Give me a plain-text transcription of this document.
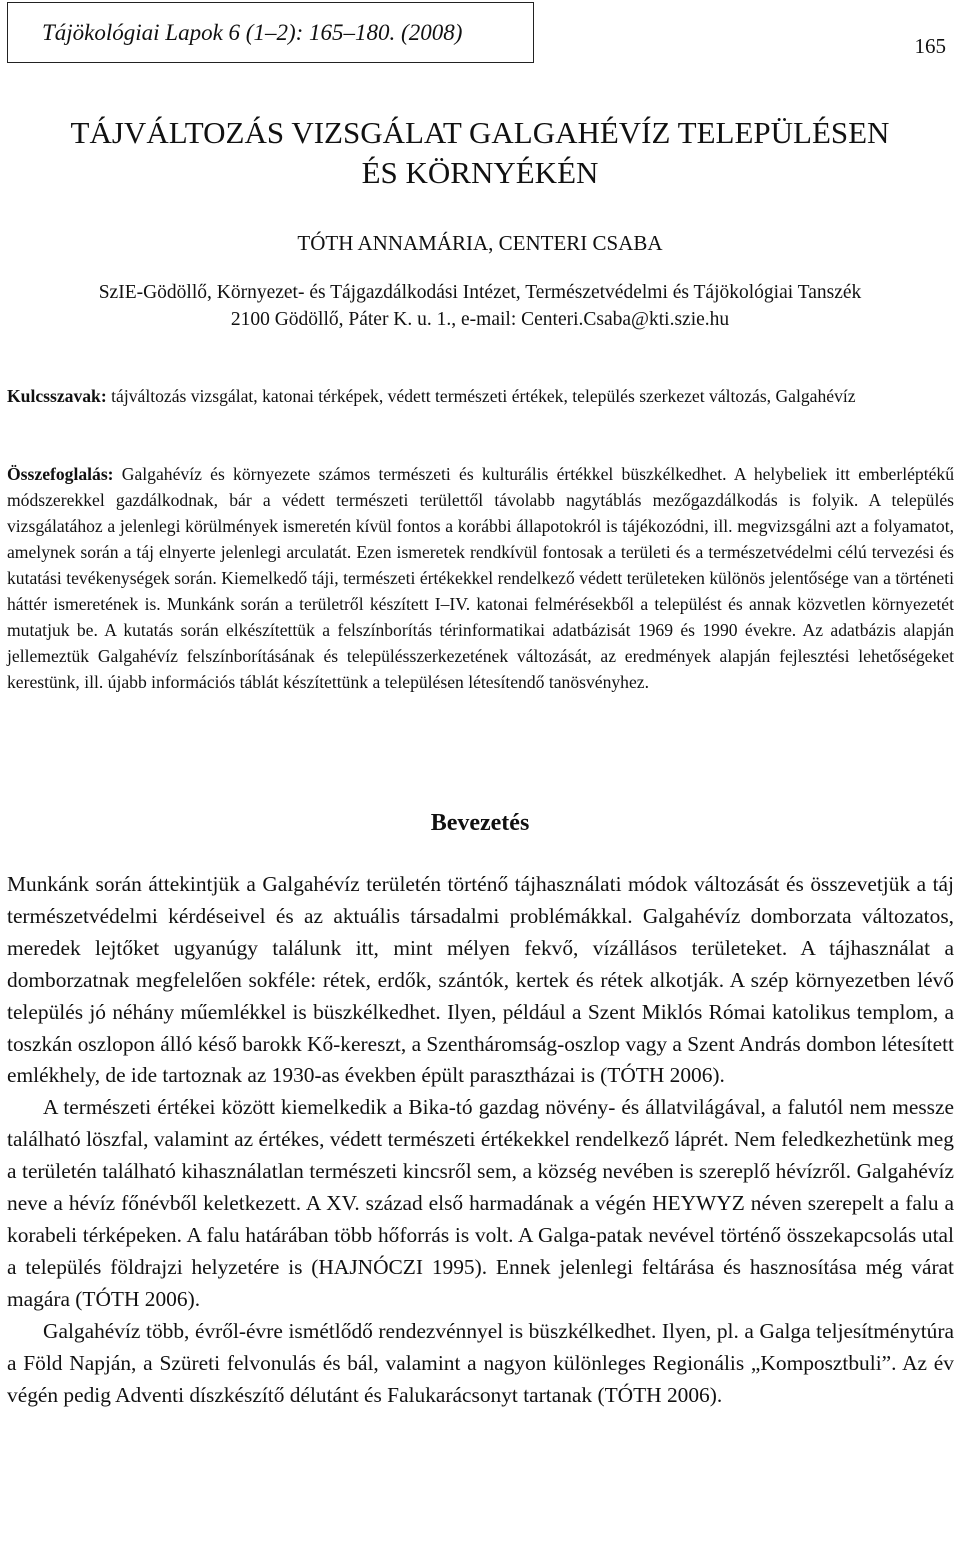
Tájökológiai Lapok 6 (1–2): 165–180. (2008)
165
TÁJVÁLTOZÁS VIZSGÁLAT GALGAHÉVÍZ TELEPÜLÉSEN
ÉS KÖRNYÉKÉN
TÓTH ANNAMÁRIA, CENTERI CSABA
SzIE-Gödöllő, Környezet- és Tájgazdálkodási Intézet, Természetvédelmi és Tájökológiai Tanszék
2100 Gödöllő, Páter K. u. 1., e-mail: Centeri.Csaba@kti.szie.hu
Kulcsszavak: tájváltozás vizsgálat, katonai térképek, védett természeti értékek, település szerkezet változás, Galgahévíz
Összefoglalás: Galgahévíz és környezete számos természeti és kulturális értékkel büszkélkedhet. A helybeliek itt emberléptékű módszerekkel gazdálkodnak, bár a védett természeti területtől távolabb nagytáblás mezőgazdálkodás is folyik. A település vizsgálatához a jelenlegi körülmények ismeretén kívül fontos a korábbi állapotokról is tájékozódni, ill. megvizsgálni azt a folyamatot, amelynek során a táj elnyerte jelenlegi arculatát. Ezen ismeretek rendkívül fontosak a területi és a természetvédelmi célú tervezési és kutatási tevékenységek során. Kiemelkedő táji, természeti értékekkel rendelkező védett területeken különös jelentősége van a történeti háttér ismeretének is. Munkánk során a területről készített I–IV. katonai felmérésekből a települést és annak közvetlen környezetét mutatjuk be. A kutatás során elkészítettük a felszínborítás térinformatikai adatbázisát 1969 és 1990 évekre. Az adatbázis alapján jellemeztük Galgahévíz felszínborításának és településszerkezetének változását, az eredmények alapján fejlesztési lehetőségeket kerestünk, ill. újabb információs táblát készítettünk a településen létesítendő tanösvényhez.
Bevezetés

Munkánk során áttekintjük a Galgahévíz területén történő tájhasználati módok változását és összevetjük a táj természetvédelmi kérdéseivel és az aktuális társadalmi problémákkal. Galgahévíz domborzata változatos, meredek lejtőket ugyanúgy találunk itt, mint mélyen fekvő, vízállásos területeket. A tájhasználat a domborzatnak megfelelően sokféle: rétek, erdők, szántók, kertek és rétek alkotják. A szép környezetben lévő település jó néhány műemlékkel is büszkélkedhet. Ilyen, például a Szent Miklós Római katolikus templom, a toszkán oszlopon álló késő barokk Kő-kereszt, a Szentháromság-oszlop vagy a Szent András dombon létesített emlékhely, de ide tartoznak az 1930-as években épült parasztházai is (TÓTH 2006).

A természeti értékei között kiemelkedik a Bika-tó gazdag növény- és állatvilágával, a falutól nem messze található löszfal, valamint az értékes, védett természeti értékekkel rendelkező láprét. Nem feledkezhetünk meg a területén található kihasználatlan természeti kincsről sem, a község nevében is szereplő hévízről. Galgahévíz neve a hévíz főnévből keletkezett. A XV. század első harmadának a végén HEYWYZ néven szerepelt a falu a korabeli térképeken. A falu határában több hőforrás is volt. A Galga-patak nevével történő összekapcsolás utal a település földrajzi helyzetére is (HAJNÓCZI 1995). Ennek jelenlegi feltárása és hasznosítása még várat magára (TÓTH 2006).

Galgahévíz több, évről-évre ismétlődő rendezvénnyel is büszkélkedhet. Ilyen, pl. a Galga teljesítménytúra a Föld Napján, a Szüreti felvonulás és bál, valamint a nagyon különleges Regionális „Komposztbuli”. Az év végén pedig Adventi díszkészítő délutánt és Falukarácsonyt tartanak (TÓTH 2006).
